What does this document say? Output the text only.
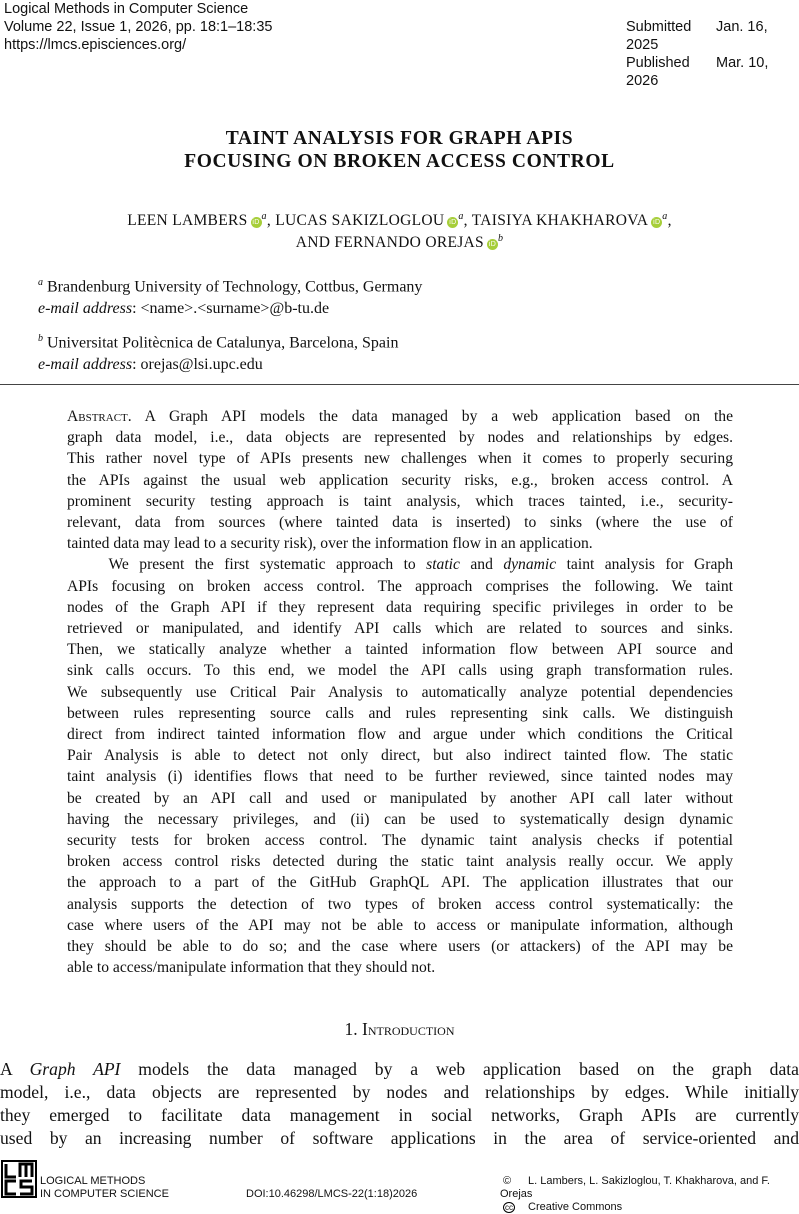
Logical Methods in Computer Science
Volume 22, Issue 1, 2026, pp. 18:1–18:35
https://lmcs.episciences.org/
Submitted Jan. 16, 2025
Published Mar. 10, 2026
TAINT ANALYSIS FOR GRAPH APIS
FOCUSING ON BROKEN ACCESS CONTROL
LEEN LAMBERS $iD^a$, LUCAS SAKIZLOGLOU $iD^a$, TAISIYA KHAKHAROVA $iD^a$,
AND FERNANDO OREJAS $iD^b$
$^a$ Brandenburg University of Technology, Cottbus, Germany
e-mail address: <name>.<surname>@b-tu.de
$^b$ Universitat Politècnica de Catalunya, Barcelona, Spain
e-mail address: orejas@lsi.upc.edu
Abstract. A Graph API models the data managed by a web application based on the
graph data model, i.e., data objects are represented by nodes and relationships by edges.
This rather novel type of APIs presents new challenges when it comes to properly securing
the APIs against the usual web application security risks, e.g., broken access control. A
prominent security testing approach is taint analysis, which traces tainted, i.e., security-
relevant, data from sources (where tainted data is inserted) to sinks (where the use of
tainted data may lead to a security risk), over the information flow in an application.
We present the first systematic approach to static and dynamic taint analysis for Graph
APIs focusing on broken access control. The approach comprises the following. We taint
nodes of the Graph API if they represent data requiring specific privileges in order to be
retrieved or manipulated, and identify API calls which are related to sources and sinks.
Then, we statically analyze whether a tainted information flow between API source and
sink calls occurs. To this end, we model the API calls using graph transformation rules.
We subsequently use Critical Pair Analysis to automatically analyze potential dependencies
between rules representing source calls and rules representing sink calls. We distinguish
direct from indirect tainted information flow and argue under which conditions the Critical
Pair Analysis is able to detect not only direct, but also indirect tainted flow. The static
taint analysis (i) identifies flows that need to be further reviewed, since tainted nodes may
be created by an API call and used or manipulated by another API call later without
having the necessary privileges, and (ii) can be used to systematically design dynamic
security tests for broken access control. The dynamic taint analysis checks if potential
broken access control risks detected during the static taint analysis really occur. We apply
the approach to a part of the GitHub GraphQL API. The application illustrates that our
analysis supports the detection of two types of broken access control systematically: the
case where users of the API may not be able to access or manipulate information, although
they should be able to do so; and the case where users (or attackers) of the API may be
able to access/manipulate information that they should not.
1. Introduction
A Graph API models the data managed by a web application based on the graph data
model, i.e., data objects are represented by nodes and relationships by edges. While initially
they emerged to facilitate data management in social networks, Graph APIs are currently
used by an increasing number of software applications in the area of service-oriented and
LOGICAL METHODS
IN COMPUTER SCIENCE	DOI:10.46298/LMCS-22(1:18)2026
© L. Lambers, L. Sakizloglou, T. Khakharova, and F. Orejas
cc Creative Commons
